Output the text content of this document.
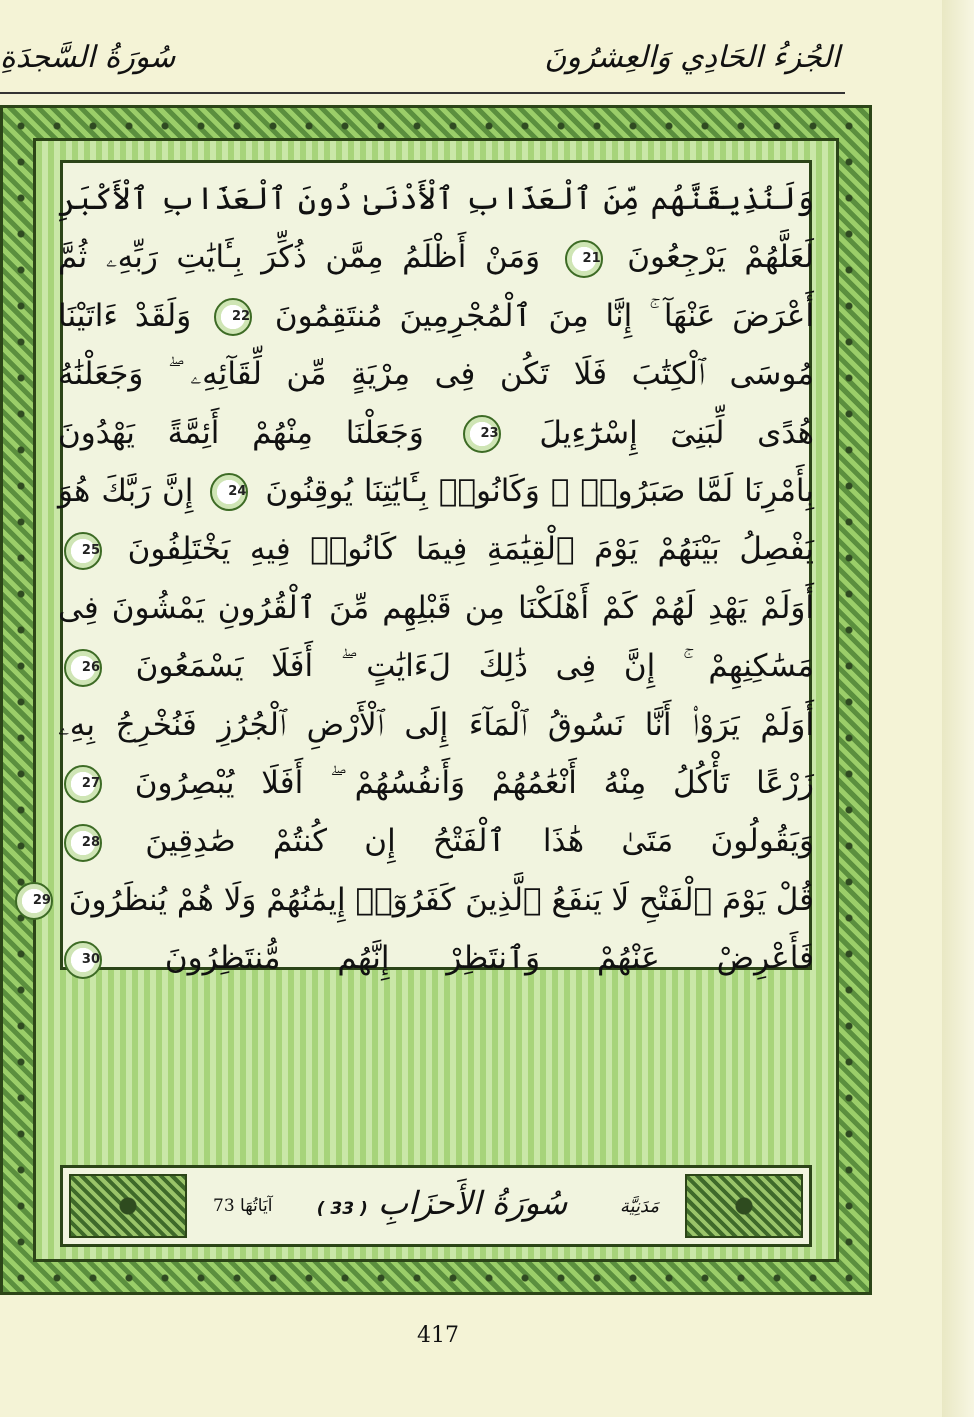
الجُزءُ الحَادِي وَالعِشرُونَ
سُورَةُ السَّجدَةِ
وَلَنُذِيقَنَّهُم مِّنَ ٱلْعَذَابِ ٱلْأَدْنَىٰ دُونَ ٱلْعَذَابِ ٱلْأَكْبَرِ
لَعَلَّهُمْ يَرْجِعُونَ 21 وَمَنْ أَظْلَمُ مِمَّن ذُكِّرَ بِـَٔايَٰتِ رَبِّهِۦ ثُمَّ
أَعْرَضَ عَنْهَآ ۚ إِنَّا مِنَ ٱلْمُجْرِمِينَ مُنتَقِمُونَ 22 وَلَقَدْ ءَاتَيْنَا
مُوسَى ٱلْكِتَٰبَ فَلَا تَكُن فِى مِرْيَةٍ مِّن لِّقَآئِهِۦ ۖ وَجَعَلْنَٰهُ
هُدًى لِّبَنِىٓ إِسْرَٰٓءِيلَ 23 وَجَعَلْنَا مِنْهُمْ أَئِمَّةً يَهْدُونَ
بِأَمْرِنَا لَمَّا صَبَرُوا۟ ۖ وَكَانُوا۟ بِـَٔايَٰتِنَا يُوقِنُونَ 24 إِنَّ رَبَّكَ هُوَ
يَفْصِلُ بَيْنَهُمْ يَوْمَ ٱلْقِيَٰمَةِ فِيمَا كَانُوا۟ فِيهِ يَخْتَلِفُونَ 25
أَوَلَمْ يَهْدِ لَهُمْ كَمْ أَهْلَكْنَا مِن قَبْلِهِم مِّنَ ٱلْقُرُونِ يَمْشُونَ فِى
مَسَٰكِنِهِمْ ۚ إِنَّ فِى ذَٰلِكَ لَءَايَٰتٍ ۖ أَفَلَا يَسْمَعُونَ 26
أَوَلَمْ يَرَوْا۟ أَنَّا نَسُوقُ ٱلْمَآءَ إِلَى ٱلْأَرْضِ ٱلْجُرُزِ فَنُخْرِجُ بِهِۦ
زَرْعًا تَأْكُلُ مِنْهُ أَنْعَٰمُهُمْ وَأَنفُسُهُمْ ۖ أَفَلَا يُبْصِرُونَ 27
وَيَقُولُونَ مَتَىٰ هَٰذَا ٱلْفَتْحُ إِن كُنتُمْ صَٰدِقِينَ 28
قُلْ يَوْمَ ٱلْفَتْحِ لَا يَنفَعُ ٱلَّذِينَ كَفَرُوٓا۟ إِيمَٰنُهُمْ وَلَا هُمْ يُنظَرُونَ 29
فَأَعْرِضْ عَنْهُمْ وَٱنتَظِرْ إِنَّهُم مُّنتَظِرُونَ 30
مَدَنِيَّة
سُورَةُ الأَحزَابِ ( 33 )
آيَاتُهَا 73
417
